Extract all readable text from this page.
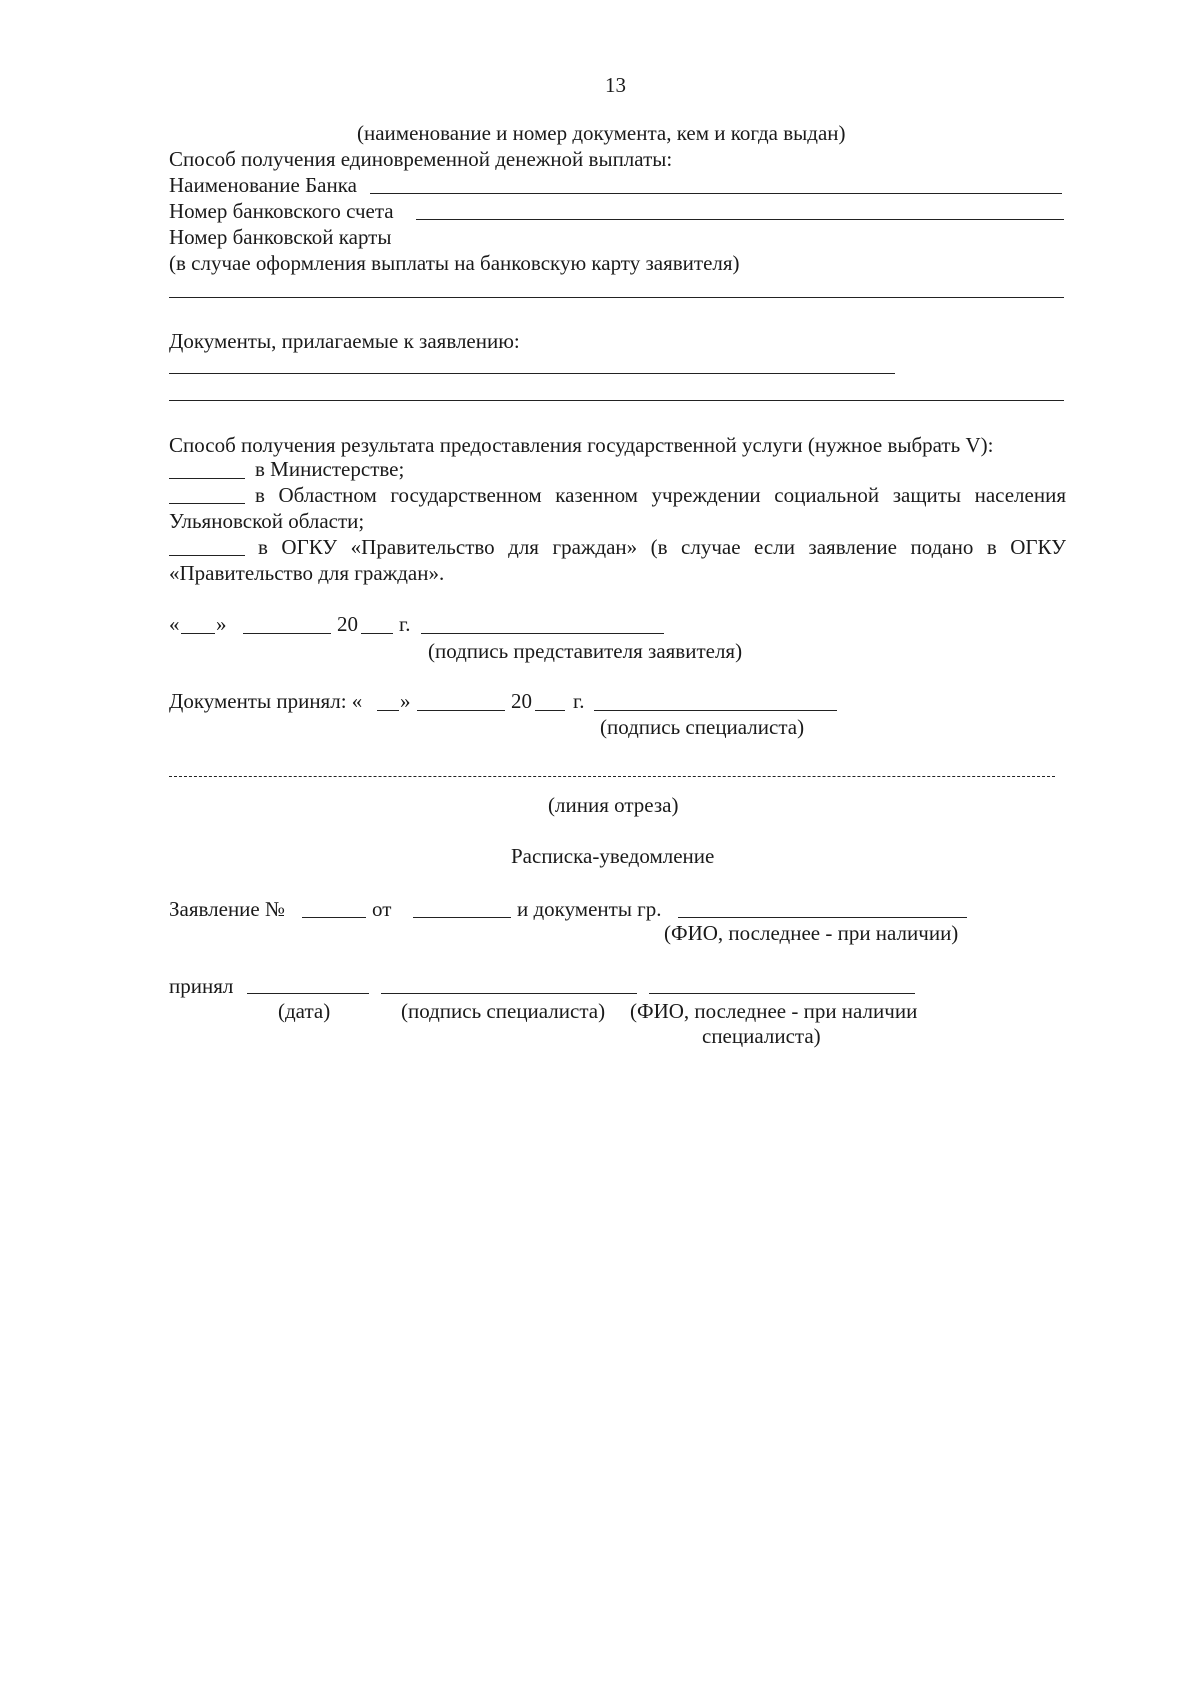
13
(наименование и номер документа, кем и когда выдан)
Способ получения единовременной денежной выплаты:
Наименование Банка
Номер банковского счета
Номер банковской карты
(в случае оформления выплаты на банковскую карту заявителя)
Документы, прилагаемые к заявлению:
Способ получения результата предоставления государственной услуги (нужное выбрать V):
в Министерстве;
в Областном государственном казенном учреждении социальной защиты населения
Ульяновской области;
в ОГКУ «Правительство для граждан» (в случае если заявление подано в ОГКУ
«Правительство для граждан».
« »	20 г.
(подпись представителя заявителя)
Документы принял: « »	20 г.
(подпись специалиста)
(линия отреза)
Расписка-уведомление
Заявление №	от	и документы гр.
(ФИО, последнее - при наличии)
принял
(дата)	(подпись специалиста) (ФИО, последнее - при наличии
специалиста)
